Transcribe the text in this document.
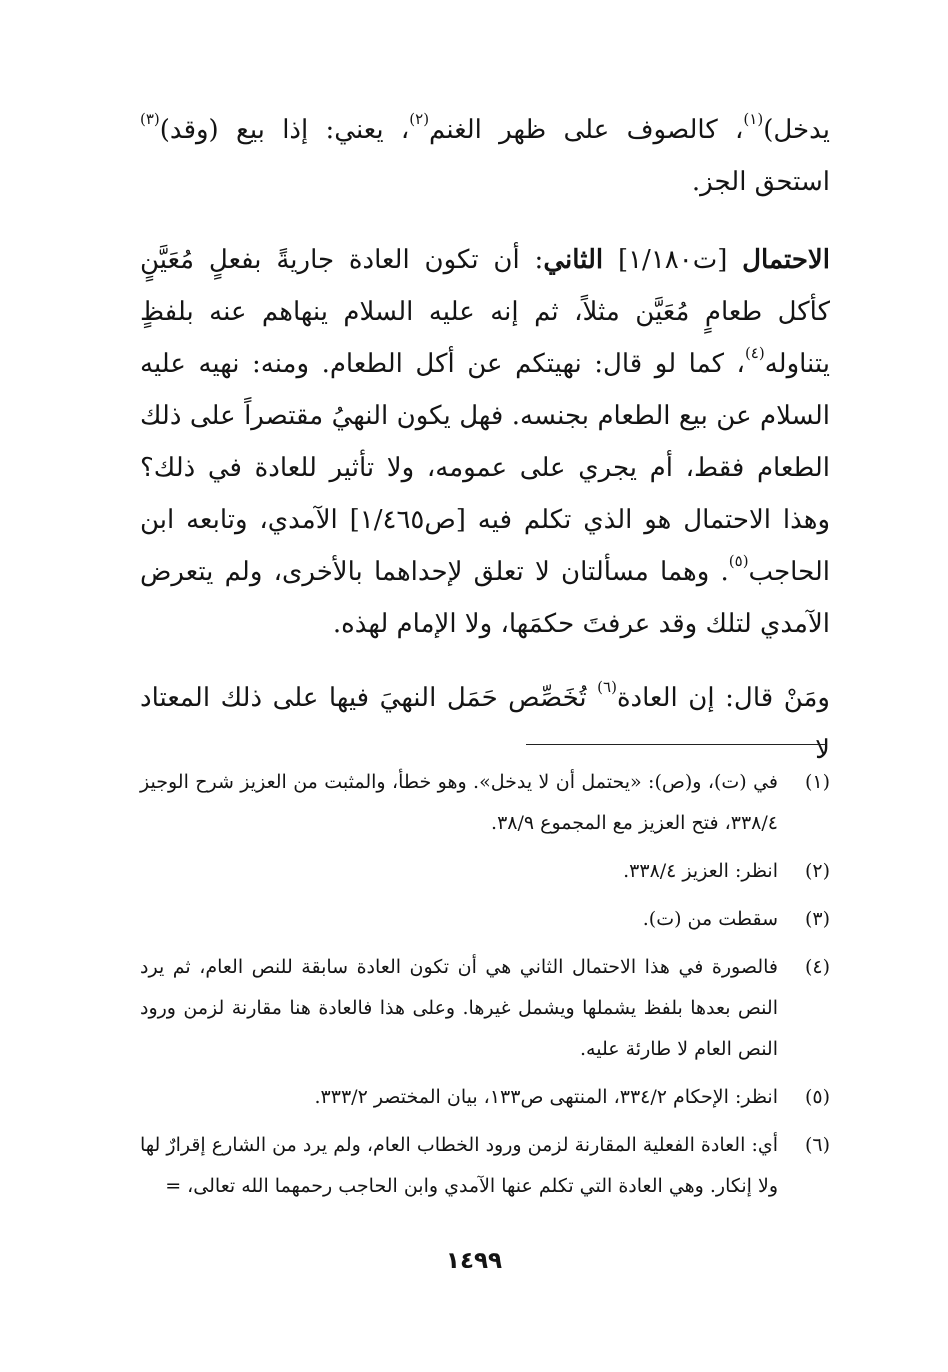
يدخل)$^{(١)}$، كالصوف على ظهر الغنم$^{(٢)}$، يعني: إذا بيع (وقد)$^{(٣)}$ استحق الجز.

الاحتمال [ت١/١٨٠] الثاني: أن تكون العادة جاريةً بفعلٍ مُعَيَّنٍ كأكل طعامٍ مُعَيَّن مثلاً، ثم إنه عليه السلام ينهاهم عنه بلفظٍ يتناوله$^{(٤)}$، كما لو قال: نهيتكم عن أكل الطعام. ومنه: نهيه عليه السلام عن بيع الطعام بجنسه. فهل يكون النهيُ مقتصراً على ذلك الطعام فقط، أم يجري على عمومه، ولا تأثير للعادة في ذلك؟ وهذا الاحتمال هو الذي تكلم فيه [ص١/٤٦٥] الآمدي، وتابعه ابن الحاجب$^{(٥)}$. وهما مسألتان لا تعلق لإحداهما بالأخرى، ولم يتعرض الآمدي لتلك وقد عرفتَ حكمَها، ولا الإمام لهذه.

ومَنْ قال: إن العادة$^{(٦)}$ تُخَصِّص حَمَل النهيَ فيها على ذلك المعتاد لا

(١)
في (ت)، و(ص): «يحتمل أن لا يدخل». وهو خطأ، والمثبت من العزيز شرح الوجيز ٣٣٨/٤، فتح العزيز مع المجموع ٣٨/٩.
(٢)
انظر: العزيز ٣٣٨/٤.
(٣)
سقطت من (ت).
(٤)
فالصورة في هذا الاحتمال الثاني هي أن تكون العادة سابقة للنص العام، ثم يرد النص بعدها بلفظ يشملها ويشمل غيرها. وعلى هذا فالعادة هنا مقارنة لزمن ورود النص العام لا طارئة عليه.
(٥)
انظر: الإحكام ٣٣٤/٢، المنتهى ص١٣٣، بيان المختصر ٣٣٣/٢.
(٦)
أي: العادة الفعلية المقارنة لزمن ورود الخطاب العام، ولم يرد من الشارع إقرارٌ لها ولا إنكار. وهي العادة التي تكلم عنها الآمدي وابن الحاجب رحمهما الله تعالى، =
١٤٩٩
